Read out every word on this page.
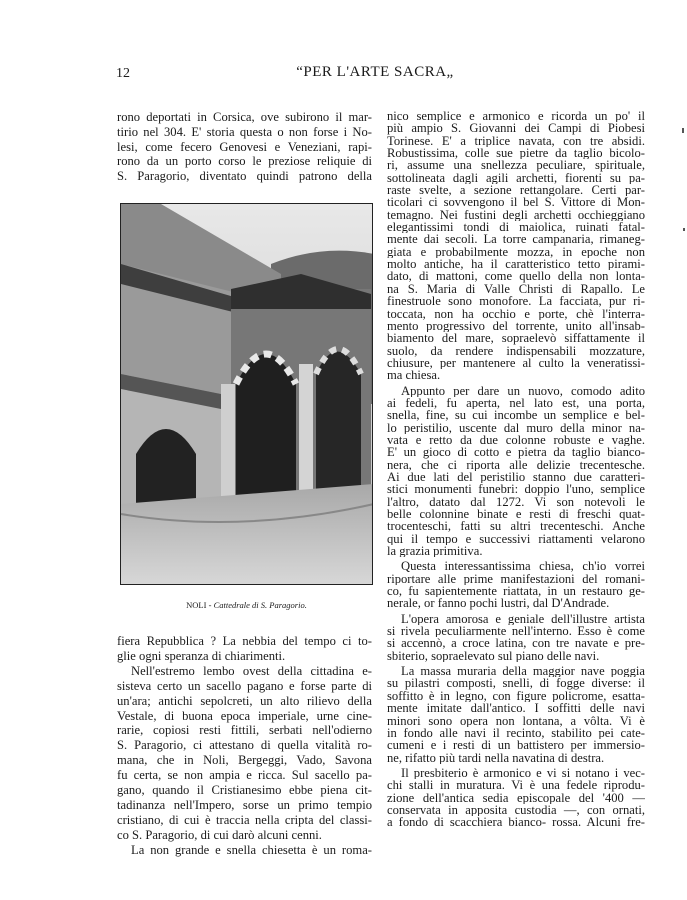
12	“PER L'ARTE SACRA„
rono deportati in Corsica, ove subirono il mar-
tirio nel 304. E' storia questa o non forse i No-
lesi, come fecero Genovesi e Veneziani, rapi-
rono da un porto corso le preziose reliquie di
S. Paragorio, diventato quindi patrono della
NOLI - Cattedrale di S. Paragorio.
fiera Repubblica ? La nebbia del tempo ci to-
glie ogni speranza di chiarimenti.
Nell'estremo lembo ovest della cittadina e-
sisteva certo un sacello pagano e forse parte di
un'ara; antichi sepolcreti, un alto rilievo della
Vestale, di buona epoca imperiale, urne cine-
rarie, copiosi resti fittili, serbati nell'odierno
S. Paragorio, ci attestano di quella vitalità ro-
mana, che in Noli, Bergeggi, Vado, Savona
fu certa, se non ampia e ricca. Sul sacello pa-
gano, quando il Cristianesimo ebbe piena cit-
tadinanza nell'Impero, sorse un primo tempio
cristiano, di cui è traccia nella cripta del classi-
co S. Paragorio, di cui darò alcuni cenni.
La non grande e snella chiesetta è un roma-
nico semplice e armonico e ricorda un po' il
più ampio S. Giovanni dei Campi di Piobesi
Torinese. E' a triplice navata, con tre absidi.
Robustissima, colle sue pietre da taglio bicolo-
ri, assume una snellezza peculiare, spirituale,
sottolineata dagli agili archetti, fiorenti su pa-
raste svelte, a sezione rettangolare. Certi par-
ticolari ci sovvengono il bel S. Vittore di Mon-
temagno. Nei fustini degli archetti occhieggiano
elegantissimi tondi di maiolica, ruinati fatal-
mente dai secoli. La torre campanaria, rimaneg-
giata e probabilmente mozza, in epoche non
molto antiche, ha il caratteristico tetto pirami-
dato, di mattoni, come quello della non lonta-
na S. Maria di Valle Christi di Rapallo. Le
finestruole sono monofore. La facciata, pur ri-
toccata, non ha occhio e porte, chè l'interra-
mento progressivo del torrente, unito all'insab-
biamento del mare, sopraelevò siffattamente il
suolo, da rendere indispensabili mozzature,
chiusure, per mantenere al culto la veneratissi-
ma chiesa.
Appunto per dare un nuovo, comodo adito
ai fedeli, fu aperta, nel lato est, una porta,
snella, fine, su cui incombe un semplice e bel-
lo peristilio, uscente dal muro della minor na-
vata e retto da due colonne robuste e vaghe.
E' un gioco di cotto e pietra da taglio bianco-
nera, che ci riporta alle delizie trecentesche.
Ai due lati del peristilio stanno due caratteri-
stici monumenti funebri: doppio l'uno, semplice
l'altro, datato dal 1272. Vi son notevoli le
belle colonnine binate e resti di freschi quat-
trocenteschi, fatti su altri trecenteschi. Anche
qui il tempo e successivi riattamenti velarono
la grazia primitiva.
Questa interessantissima chiesa, ch'io vorrei
riportare alle prime manifestazioni del romani-
co, fu sapientemente riattata, in un restauro ge-
nerale, or fanno pochi lustri, dal D'Andrade.
L'opera amorosa e geniale dell'illustre artista
si rivela peculiarmente nell'interno. Esso è come
si accennò, a croce latina, con tre navate e pre-
sbiterio, sopraelevato sul piano delle navi.
La massa muraria della maggior nave poggia
su pilastri composti, snelli, di fogge diverse: il
soffitto è in legno, con figure policrome, esatta-
mente imitate dall'antico. I soffitti delle navi
minori sono opera non lontana, a vôlta. Vi è
in fondo alle navi il recinto, stabilito pei cate-
cumeni e i resti di un battistero per immersio-
ne, rifatto più tardi nella navatina di destra.
Il presbiterio è armonico e vi si notano i vec-
chi stalli in muratura. Vi è una fedele riprodu-
zione dell'antica sedia episcopale del '400 —
conservata in apposita custodia —, con ornati,
a fondo di scacchiera bianco- rossa. Alcuni fre-
